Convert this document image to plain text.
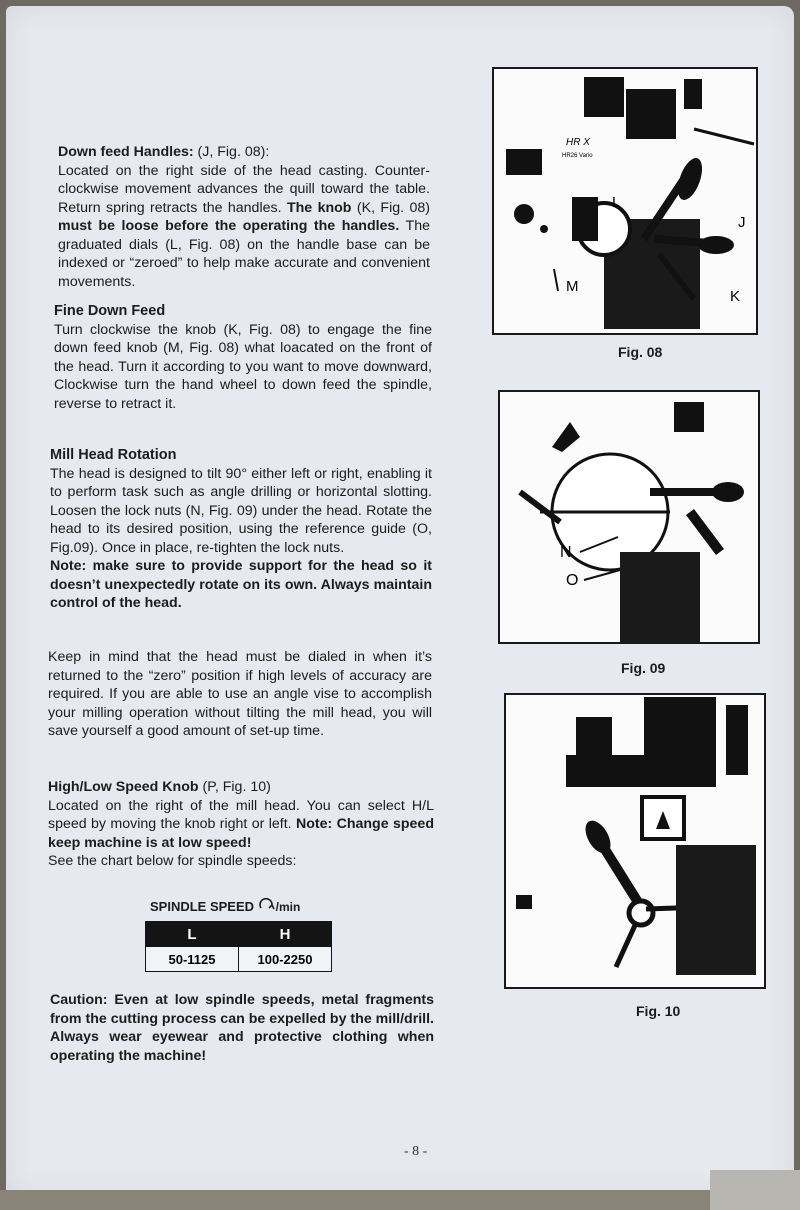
Down feed Handles: (J, Fig. 08):
Located on the right side of the head casting. Counter-clockwise movement advances the quill toward the table. Return spring retracts the handles. The knob (K, Fig. 08) must be loose before the operating the handles. The graduated dials (L, Fig. 08) on the handle base can be indexed or “zeroed” to help make accurate and convenient movements.

Fine Down Feed

Turn clockwise the knob (K, Fig. 08) to engage the fine down feed knob (M, Fig. 08) what loacated on the front of the head. Turn it according to you want to move downward, Clockwise turn the hand wheel to down feed the spindle, reverse to retract it.

Mill Head Rotation

The head is designed to tilt 90° either left or right, enabling it to perform task such as angle drilling or horizontal slotting. Loosen the lock nuts (N, Fig. 09) under the head. Rotate the head to its desired position, using the reference guide (O, Fig.09). Once in place, re-tighten the lock nuts.

Note: make sure to provide support for the head so it doesn’t unexpectedly rotate on its own. Always maintain control of the head.

Keep in mind that the head must be dialed in when it’s returned to the “zero” position if high levels of accuracy are required. If you are able to use an angle vise to accomplish your milling operation without tilting the mill head, you will save yourself a good amount of set-up time.

High/Low Speed Knob (P, Fig. 10)
Located on the right of the mill head. You can select H/L speed by moving the knob right or left. Note: Change speed keep machine is at low speed!
See the chart below for spindle speeds:

SPINDLE SPEED /min
L	H
50-1125	100-2250

Caution: Even at low spindle speeds, metal fragments from the cutting process can be expelled by the mill/drill. Always wear eyewear and protective clothing when operating the machine!

HR X
HR26 Vario
L
J
M
K
Fig. 08
N
O
Fig. 09
Fig. 10
- 8 -
